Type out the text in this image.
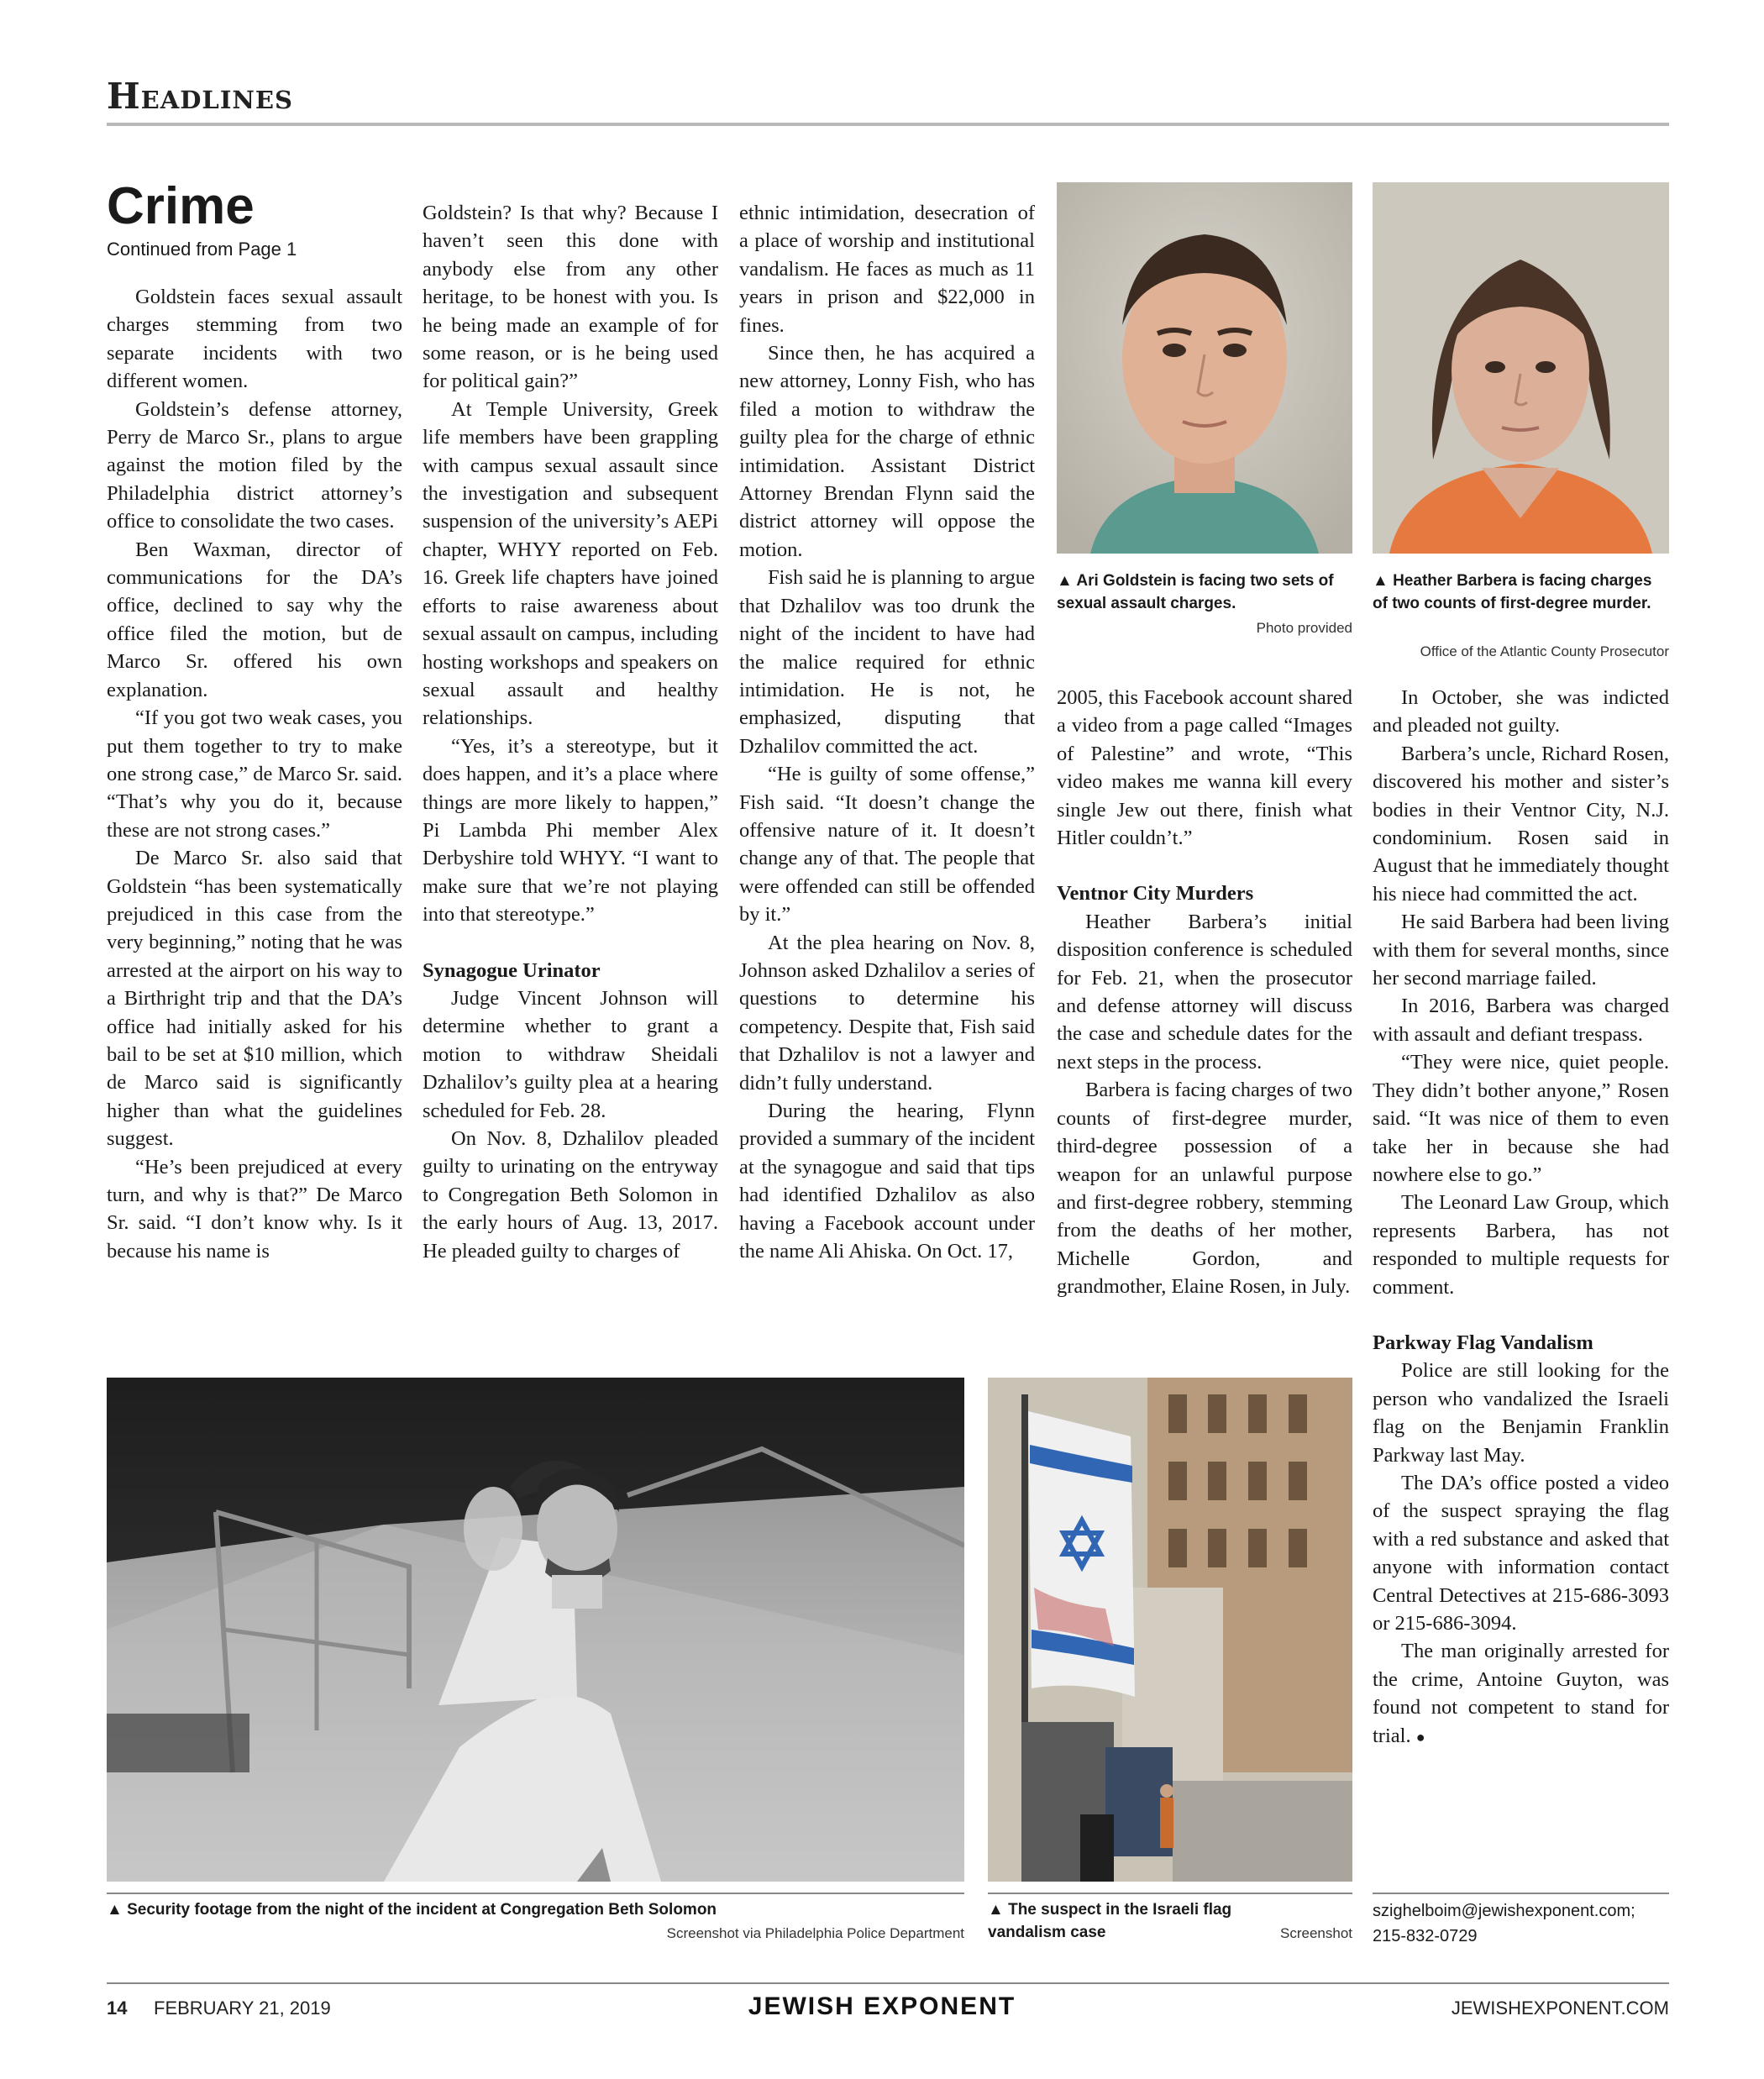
Headlines
Crime
Continued from Page 1

Goldstein faces sexual assault charges stemming from two separate incidents with two different women.

Goldstein’s defense attorney, Perry de Marco Sr., plans to argue against the motion filed by the Philadelphia district attorney’s office to consolidate the two cases.

Ben Waxman, director of communications for the DA’s office, declined to say why the office filed the motion, but de Marco Sr. offered his own explanation.

“If you got two weak cases, you put them together to try to make one strong case,” de Marco Sr. said. “That’s why you do it, because these are not strong cases.”

De Marco Sr. also said that Goldstein “has been systematically prejudiced in this case from the very beginning,” noting that he was arrested at the airport on his way to a Birthright trip and that the DA’s office had initially asked for his bail to be set at $10 million, which de Marco said is significantly higher than what the guidelines suggest.

“He’s been prejudiced at every turn, and why is that?” De Marco Sr. said. “I don’t know why. Is it because his name is

Goldstein? Is that why? Because I haven’t seen this done with anybody else from any other heritage, to be honest with you. Is he being made an example of for some reason, or is he being used for political gain?”

At Temple University, Greek life members have been grappling with campus sexual assault since the investigation and subsequent suspension of the university’s AEPi chapter, WHYY reported on Feb. 16. Greek life chapters have joined efforts to raise awareness about sexual assault on campus, including hosting workshops and speakers on sexual assault and healthy relationships.

“Yes, it’s a stereotype, but it does happen, and it’s a place where things are more likely to happen,” Pi Lambda Phi member Alex Derbyshire told WHYY. “I want to make sure that we’re not playing into that stereotype.”

Synagogue Urinator

Judge Vincent Johnson will determine whether to grant a motion to withdraw Sheidali Dzhalilov’s guilty plea at a hearing scheduled for Feb. 28.

On Nov. 8, Dzhalilov pleaded guilty to urinating on the entryway to Congregation Beth Solomon in the early hours of Aug. 13, 2017. He pleaded guilty to charges of

ethnic intimidation, desecration of a place of worship and institutional vandalism. He faces as much as 11 years in prison and $22,000 in fines.

Since then, he has acquired a new attorney, Lonny Fish, who has filed a motion to withdraw the guilty plea for the charge of ethnic intimidation. Assistant District Attorney Brendan Flynn said the district attorney will oppose the motion.

Fish said he is planning to argue that Dzhalilov was too drunk the night of the incident to have had the malice required for ethnic intimidation. He is not, he emphasized, disputing that Dzhalilov committed the act.

“He is guilty of some offense,” Fish said. “It doesn’t change the offensive nature of it. It doesn’t change any of that. The people that were offended can still be offended by it.”

At the plea hearing on Nov. 8, Johnson asked Dzhalilov a series of questions to determine his competency. Despite that, Fish said that Dzhalilov is not a lawyer and didn’t fully understand.

During the hearing, Flynn provided a summary of the incident at the synagogue and said that tips had identified Dzhalilov as also having a Facebook account under the name Ali Ahiska. On Oct. 17,

▲ Ari Goldstein is facing two sets of sexual assault charges.
Photo provided
▲ Heather Barbera is facing charges of two counts of first-degree murder.
Office of the Atlantic County Prosecutor

2005, this Facebook account shared a video from a page called “Images of Palestine” and wrote, “This video makes me wanna kill every single Jew out there, finish what Hitler couldn’t.”

Ventnor City Murders

Heather Barbera’s initial disposition conference is scheduled for Feb. 21, when the prosecutor and defense attorney will discuss the case and schedule dates for the next steps in the process.

Barbera is facing charges of two counts of first-degree murder, third-degree possession of a weapon for an unlawful purpose and first-degree robbery, stemming from the deaths of her mother, Michelle Gordon, and grandmother, Elaine Rosen, in July.

In October, she was indicted and pleaded not guilty.

Barbera’s uncle, Richard Rosen, discovered his mother and sister’s bodies in their Ventnor City, N.J. condominium. Rosen said in August that he immediately thought his niece had committed the act.

He said Barbera had been living with them for several months, since her second marriage failed.

In 2016, Barbera was charged with assault and defiant trespass.

“They were nice, quiet people. They didn’t bother anyone,” Rosen said. “It was nice of them to even take her in because she had nowhere else to go.”

The Leonard Law Group, which represents Barbera, has not responded to multiple requests for comment.

Parkway Flag Vandalism

Police are still looking for the person who vandalized the Israeli flag on the Benjamin Franklin Parkway last May.

The DA’s office posted a video of the suspect spraying the flag with a red substance and asked that anyone with information contact Central Detectives at 215-686-3093 or 215-686-3094.

The man originally arrested for the crime, Antoine Guyton, was found not competent to stand for trial. ●

▲ Security footage from the night of the incident at Congregation Beth Solomon
Screenshot via Philadelphia Police Department
▲ The suspect in the Israeli flag vandalism case	Screenshot
szighelboim@jewishexponent.com;
215-832-0729
14 FEBRUARY 21, 2019	JEWISH EXPONENT	JEWISHEXPONENT.COM
